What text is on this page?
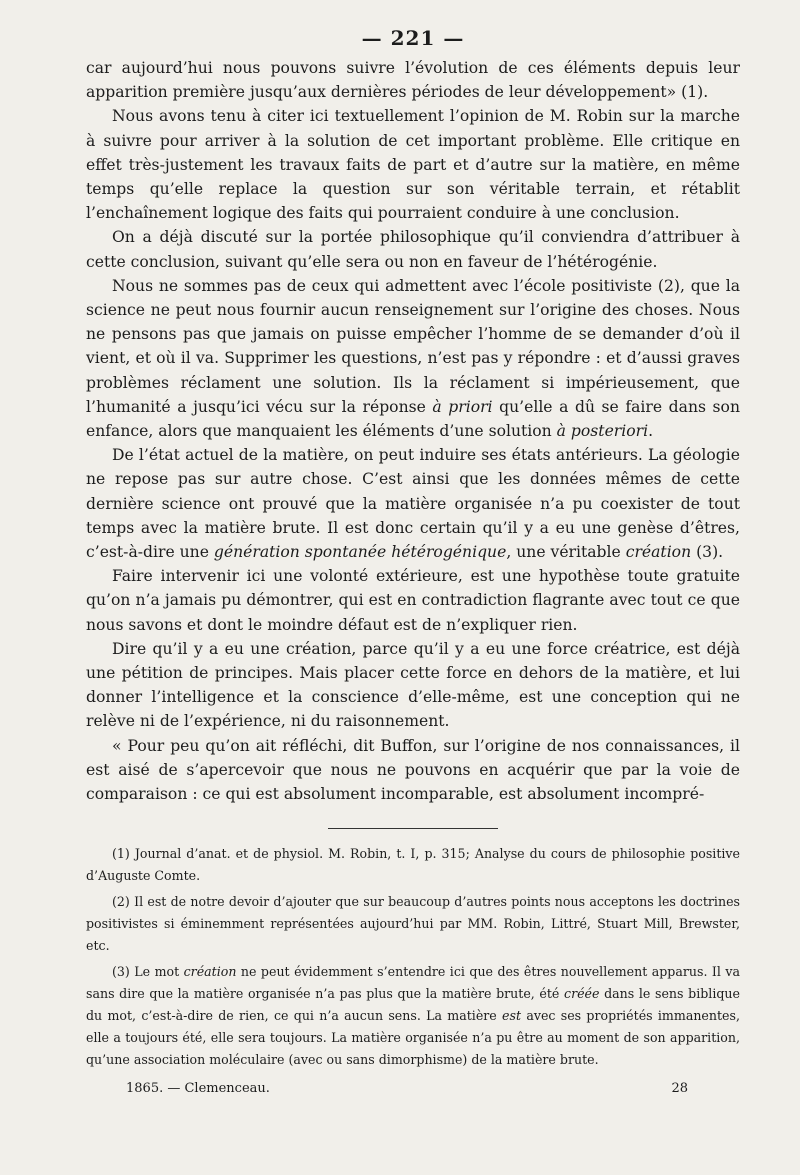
— 221 —

car aujourd’hui nous pouvons suivre l’évolution de ces éléments depuis leur apparition première jusqu’aux dernières périodes de leur développement» (1).

Nous avons tenu à citer ici textuellement l’opinion de M. Robin sur la marche à suivre pour arriver à la solution de cet important problème. Elle critique en effet très-justement les travaux faits de part et d’autre sur la matière, en même temps qu’elle replace la question sur son véritable terrain, et rétablit l’enchaînement logique des faits qui pourraient conduire à une conclusion.

On a déjà discuté sur la portée philosophique qu’il conviendra d’attribuer à cette conclusion, suivant qu’elle sera ou non en faveur de l’hétérogénie.

Nous ne sommes pas de ceux qui admettent avec l’école positiviste (2), que la science ne peut nous fournir aucun renseignement sur l’origine des choses. Nous ne pensons pas que jamais on puisse empêcher l’homme de se demander d’où il vient, et où il va. Supprimer les questions, n’est pas y répondre : et d’aussi graves problèmes réclament une solution. Ils la réclament si impérieusement, que l’humanité a jusqu’ici vécu sur la réponse à priori qu’elle a dû se faire dans son enfance, alors que manquaient les éléments d’une solution à posteriori.

De l’état actuel de la matière, on peut induire ses états antérieurs. La géologie ne repose pas sur autre chose. C’est ainsi que les données mêmes de cette dernière science ont prouvé que la matière organisée n’a pu coexister de tout temps avec la matière brute. Il est donc certain qu’il y a eu une genèse d’êtres, c’est-à-dire une génération spontanée hétérogénique, une véritable création (3).

Faire intervenir ici une volonté extérieure, est une hypothèse toute gratuite qu’on n’a jamais pu démontrer, qui est en contradiction flagrante avec tout ce que nous savons et dont le moindre défaut est de n’expliquer rien.

Dire qu’il y a eu une création, parce qu’il y a eu une force créatrice, est déjà une pétition de principes. Mais placer cette force en dehors de la matière, et lui donner l’intelligence et la conscience d’elle-même, est une conception qui ne relève ni de l’expérience, ni du raisonnement.

« Pour peu qu’on ait réfléchi, dit Buffon, sur l’origine de nos connaissances, il est aisé de s’apercevoir que nous ne pouvons en acquérir que par la voie de comparaison : ce qui est absolument incomparable, est absolument incompré-

(1) Journal d’anat. et de physiol. M. Robin, t. I, p. 315; Analyse du cours de philosophie positive d’Auguste Comte.

(2) Il est de notre devoir d’ajouter que sur beaucoup d’autres points nous acceptons les doctrines positivistes si éminemment représentées aujourd’hui par MM. Robin, Littré, Stuart Mill, Brewster, etc.

(3) Le mot création ne peut évidemment s’entendre ici que des êtres nouvellement apparus. Il va sans dire que la matière organisée n’a pas plus que la matière brute, été créée dans le sens biblique du mot, c’est-à-dire de rien, ce qui n’a aucun sens. La matière est avec ses propriétés immanentes, elle a toujours été, elle sera toujours. La matière organisée n’a pu être au moment de son apparition, qu’une association moléculaire (avec ou sans dimorphisme) de la matière brute.

1865. — Clemenceau.	28
